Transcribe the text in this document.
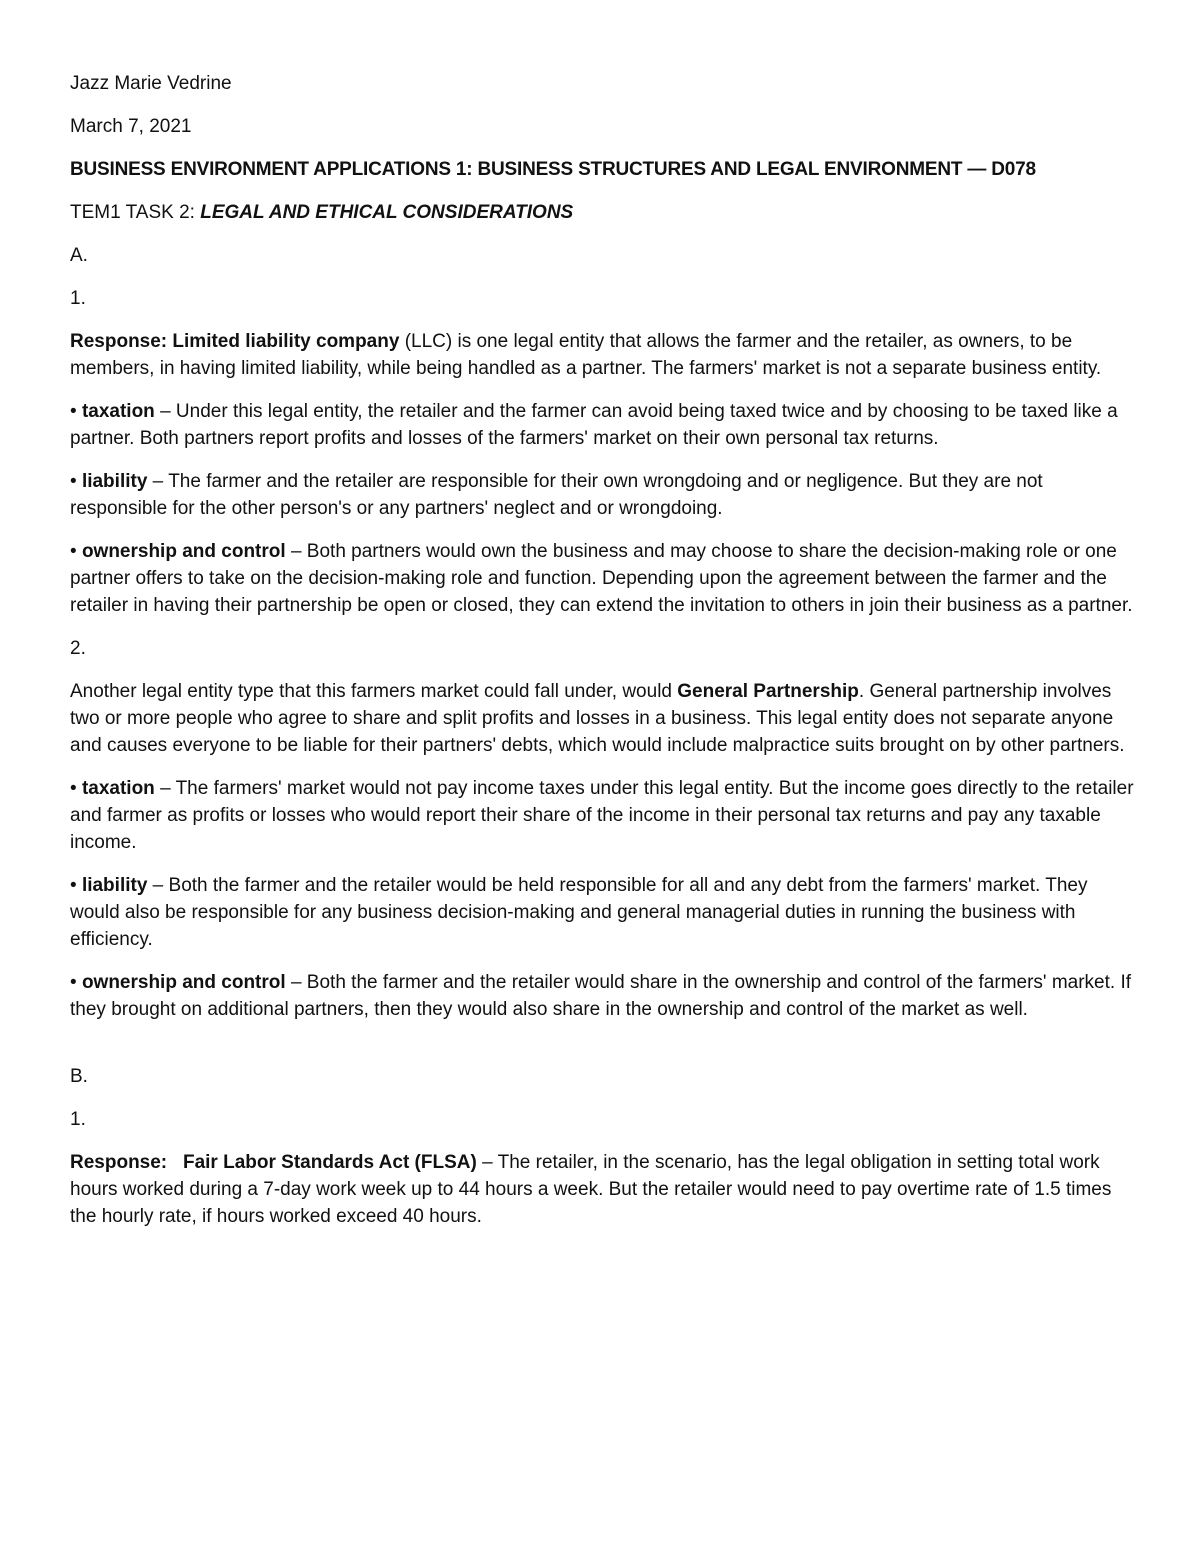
Jazz Marie Vedrine

March 7, 2021

BUSINESS ENVIRONMENT APPLICATIONS 1: BUSINESS STRUCTURES AND LEGAL ENVIRONMENT — D078

TEM1 TASK 2: LEGAL AND ETHICAL CONSIDERATIONS

A.

1.

Response: Limited liability company (LLC) is one legal entity that allows the farmer and the retailer, as owners, to be members, in having limited liability, while being handled as a partner. The farmers' market is not a separate business entity.

• taxation – Under this legal entity, the retailer and the farmer can avoid being taxed twice and by choosing to be taxed like a partner. Both partners report profits and losses of the farmers' market on their own personal tax returns.

• liability – The farmer and the retailer are responsible for their own wrongdoing and or negligence. But they are not responsible for the other person's or any partners' neglect and or wrongdoing.

• ownership and control – Both partners would own the business and may choose to share the decision-making role or one partner offers to take on the decision-making role and function. Depending upon the agreement between the farmer and the retailer in having their partnership be open or closed, they can extend the invitation to others in join their business as a partner.

2.

Another legal entity type that this farmers market could fall under, would General Partnership. General partnership involves two or more people who agree to share and split profits and losses in a business. This legal entity does not separate anyone and causes everyone to be liable for their partners' debts, which would include malpractice suits brought on by other partners.

• taxation – The farmers' market would not pay income taxes under this legal entity. But the income goes directly to the retailer and farmer as profits or losses who would report their share of the income in their personal tax returns and pay any taxable income.

• liability – Both the farmer and the retailer would be held responsible for all and any debt from the farmers' market. They would also be responsible for any business decision-making and general managerial duties in running the business with efficiency.

• ownership and control – Both the farmer and the retailer would share in the ownership and control of the farmers' market. If they brought on additional partners, then they would also share in the ownership and control of the market as well.

B.

1.

Response:   Fair Labor Standards Act (FLSA) – The retailer, in the scenario, has the legal obligation in setting total work hours worked during a 7-day work week up to 44 hours a week. But the retailer would need to pay overtime rate of 1.5 times the hourly rate, if hours worked exceed 40 hours.
